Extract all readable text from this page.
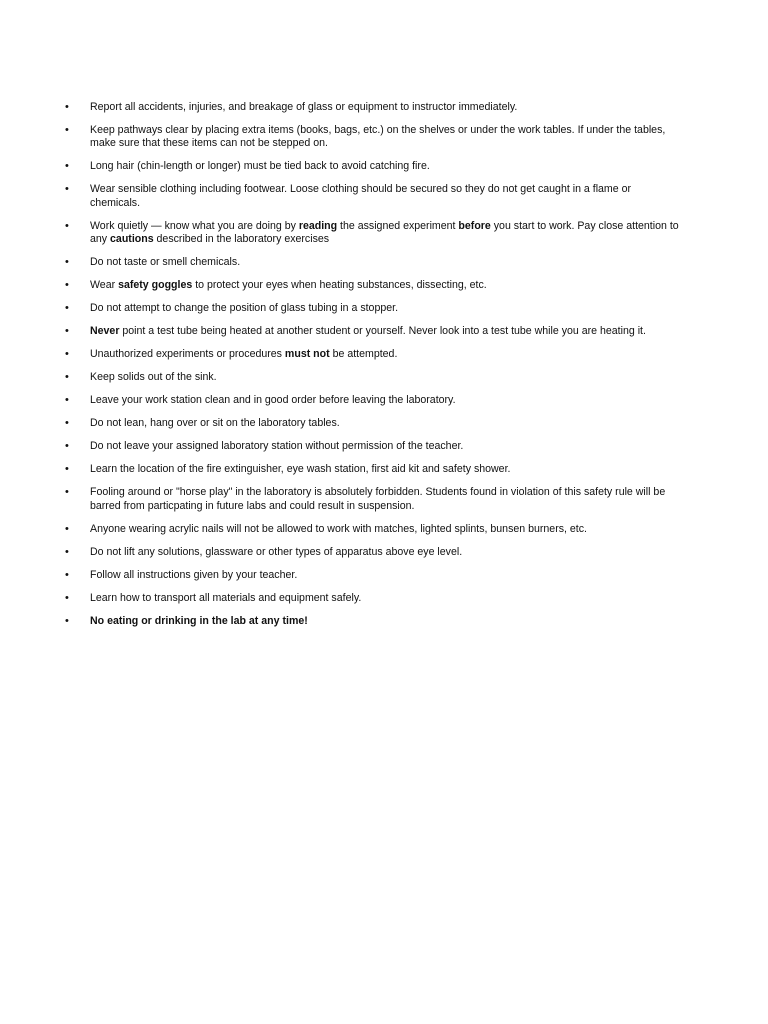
• Report all accidents, injuries, and breakage of glass or equipment to instructor immediately.
• Keep pathways clear by placing extra items (books, bags, etc.) on the shelves or under the work tables. If under the tables, make sure that these items can not be stepped on.
• Long hair (chin-length or longer) must be tied back to avoid catching fire.
• Wear sensible clothing including footwear. Loose clothing should be secured so they do not get caught in a flame or chemicals.
• Work quietly — know what you are doing by reading the assigned experiment before you start to work. Pay close attention to any cautions described in the laboratory exercises
• Do not taste or smell chemicals.
• Wear safety goggles to protect your eyes when heating substances, dissecting, etc.
• Do not attempt to change the position of glass tubing in a stopper.
• Never point a test tube being heated at another student or yourself. Never look into a test tube while you are heating it.
• Unauthorized experiments or procedures must not be attempted.
• Keep solids out of the sink.
• Leave your work station clean and in good order before leaving the laboratory.
• Do not lean, hang over or sit on the laboratory tables.
• Do not leave your assigned laboratory station without permission of the teacher.
• Learn the location of the fire extinguisher, eye wash station, first aid kit and safety shower.
• Fooling around or "horse play" in the laboratory is absolutely forbidden. Students found in violation of this safety rule will be barred from particpating in future labs and could result in suspension.
• Anyone wearing acrylic nails will not be allowed to work with matches, lighted splints, bunsen burners, etc.
• Do not lift any solutions, glassware or other types of apparatus above eye level.
• Follow all instructions given by your teacher.
• Learn how to transport all materials and equipment safely.
• No eating or drinking in the lab at any time!
